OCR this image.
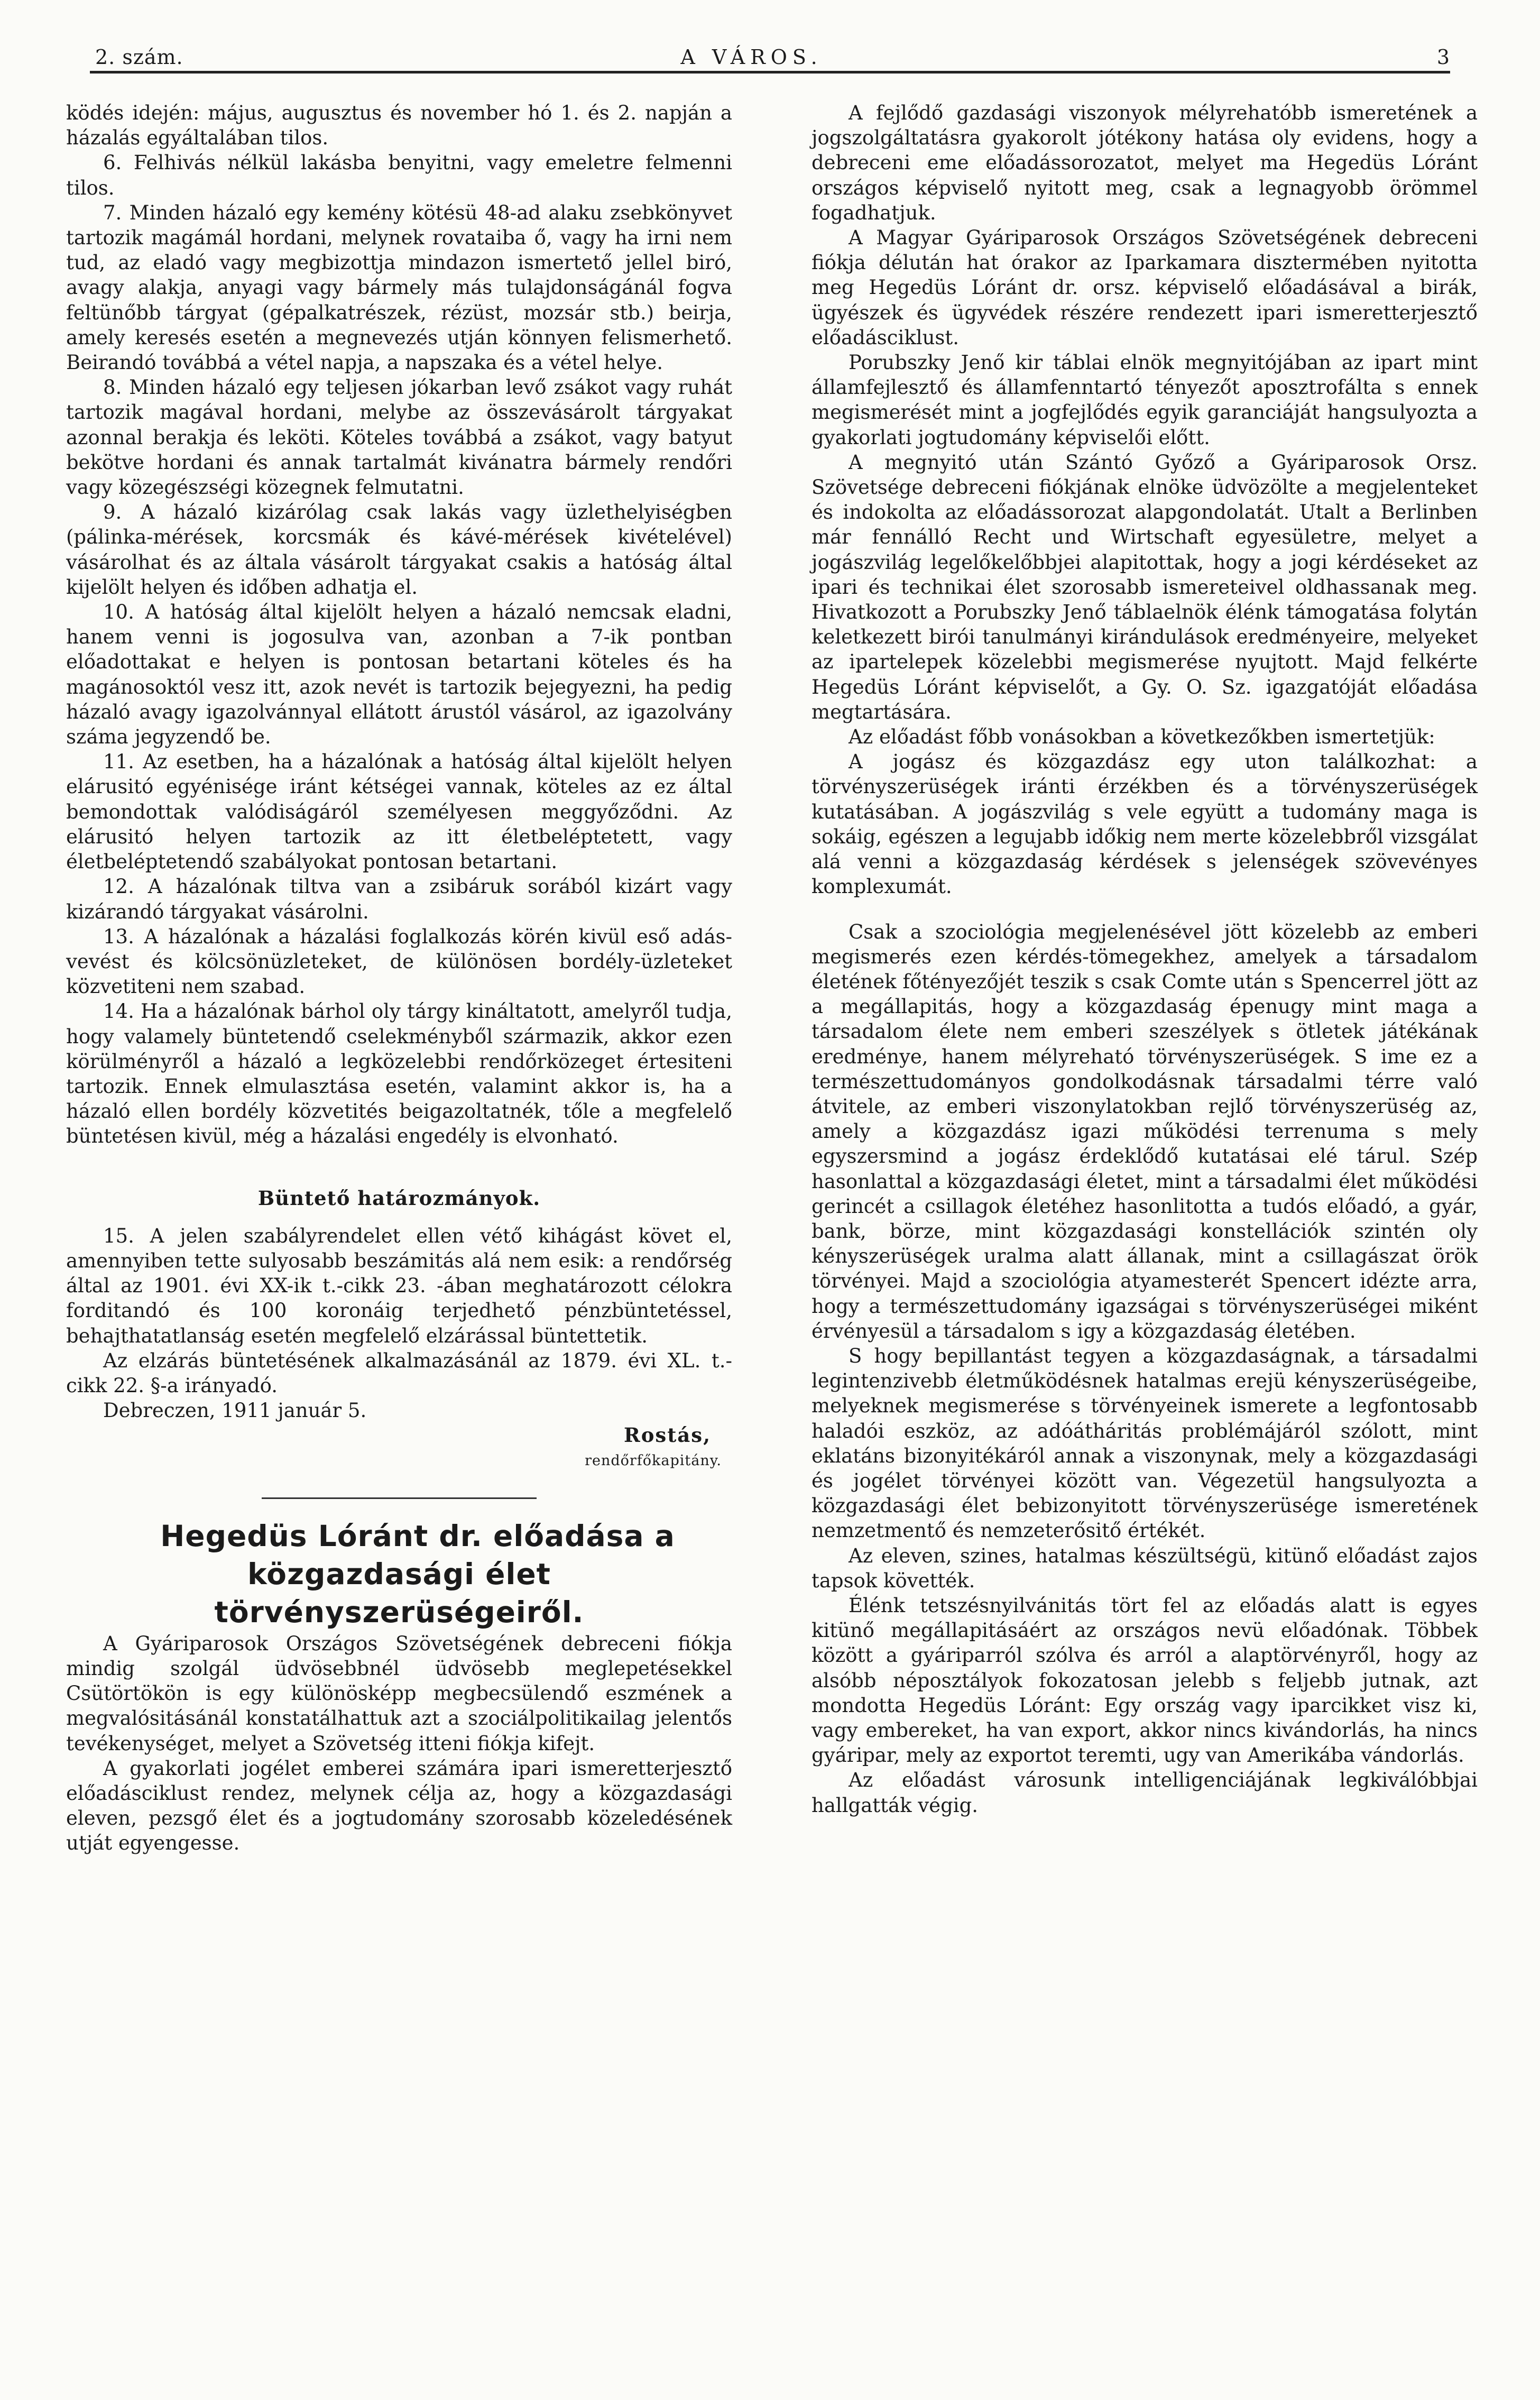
2. szám.	A VÁROS.	3

ködés idején: május, augusztus és november hó 1. és 2. napján a házalás egyáltalában tilos.

6. Felhivás nélkül lakásba benyitni, vagy emeletre felmenni tilos.

7. Minden házaló egy kemény kötésü 48-ad alaku zsebkönyvet tartozik magámál hordani, melynek rovataiba ő, vagy ha irni nem tud, az eladó vagy megbizottja mindazon ismertető jellel biró, avagy alakja, anyagi vagy bármely más tulajdonságánál fogva feltünőbb tárgyat (gépalkatrészek, rézüst, mozsár stb.) beirja, amely keresés esetén a megnevezés utján könnyen felismerhető. Beirandó továbbá a vétel napja, a napszaka és a vétel helye.

8. Minden házaló egy teljesen jókarban levő zsákot vagy ruhát tartozik magával hordani, melybe az összevásárolt tárgyakat azonnal berakja és leköti. Köteles továbbá a zsákot, vagy batyut bekötve hordani és annak tartalmát kivánatra bármely rendőri vagy közegészségi közegnek felmutatni.

9. A házaló kizárólag csak lakás vagy üzlethelyiségben (pálinka-mérések, korcsmák és kávé-mérések kivételével) vásárolhat és az általa vásárolt tárgyakat csakis a hatóság által kijelölt helyen és időben adhatja el.

10. A hatóság által kijelölt helyen a házaló nemcsak eladni, hanem venni is jogosulva van, azonban a 7-ik pontban előadottakat e helyen is pontosan betartani köteles és ha magánosoktól vesz itt, azok nevét is tartozik bejegyezni, ha pedig házaló avagy igazolvánnyal ellátott árustól vásárol, az igazolvány száma jegyzendő be.

11. Az esetben, ha a házalónak a hatóság által kijelölt helyen elárusitó egyénisége iránt kétségei vannak, köteles az ez által bemondottak valódiságáról személyesen meggyőződni. Az elárusitó helyen tartozik az itt életbeléptetett, vagy életbeléptetendő szabályokat pontosan betartani.

12. A házalónak tiltva van a zsibáruk sorából kizárt vagy kizárandó tárgyakat vásárolni.

13. A házalónak a házalási foglalkozás körén kivül eső adás-vevést és kölcsönüzleteket, de különösen bordély-üzleteket közvetiteni nem szabad.

14. Ha a házalónak bárhol oly tárgy kináltatott, amelyről tudja, hogy valamely büntetendő cselekményből származik, akkor ezen körülményről a házaló a legközelebbi rendőrközeget értesiteni tartozik. Ennek elmulasztása esetén, valamint akkor is, ha a házaló ellen bordély közvetités beigazoltatnék, tőle a megfelelő büntetésen kivül, még a házalási engedély is elvonható.

Büntető határozmányok.

15. A jelen szabályrendelet ellen vétő kihágást követ el, amennyiben tette sulyosabb beszámitás alá nem esik: a rendőrség által az 1901. évi XX-ik t.-cikk 23. -ában meghatározott célokra forditandó és 100 koronáig terjedhető pénzbüntetéssel, behajthatatlanság esetén megfelelő elzárással büntettetik.

Az elzárás büntetésének alkalmazásánál az 1879. évi XL. t.-cikk 22. §-a irányadó.

Debreczen, 1911 január 5.

Rostás,

rendőrfőkapitány.

Hegedüs Lóránt dr. előadása a közgazdasági élet törvényszerüségeiről.

A Gyáriparosok Országos Szövetségének debreceni fiókja mindig szolgál üdvösebbnél üdvösebb meglepetésekkel Csütörtökön is egy különösképp megbecsülendő eszmének a megvalósitásánál konstatálhattuk azt a szociálpolitikailag jelentős tevékenységet, melyet a Szövetség itteni fiókja kifejt.

A gyakorlati jogélet emberei számára ipari ismeretterjesztő előadásciklust rendez, melynek célja az, hogy a közgazdasági eleven, pezsgő élet és a jogtudomány szorosabb közeledésének utját egyengesse.

A fejlődő gazdasági viszonyok mélyrehatóbb ismeretének a jogszolgáltatásra gyakorolt jótékony hatása oly evidens, hogy a debreceni eme előadássorozatot, melyet ma Hegedüs Lóránt országos képviselő nyitott meg, csak a legnagyobb örömmel fogadhatjuk.

A Magyar Gyáriparosok Országos Szövetségének debreceni fiókja délután hat órakor az Iparkamara disztermében nyitotta meg Hegedüs Lóránt dr. orsz. képviselő előadásával a birák, ügyészek és ügyvédek részére rendezett ipari ismeretterjesztő előadásciklust.

Porubszky Jenő kir táblai elnök megnyitójában az ipart mint államfejlesztő és államfenntartó tényezőt aposztrofálta s ennek megismerését mint a jogfejlődés egyik garanciáját hangsulyozta a gyakorlati jogtudomány képviselői előtt.

A megnyitó után Szántó Győző a Gyáriparosok Orsz. Szövetsége debreceni fiókjának elnöke üdvözölte a megjelenteket és indokolta az előadássorozat alapgondolatát. Utalt a Berlinben már fennálló Recht und Wirtschaft egyesületre, melyet a jogászvilág legelőkelőbbjei alapitottak, hogy a jogi kérdéseket az ipari és technikai élet szorosabb ismereteivel oldhassanak meg. Hivatkozott a Porubszky Jenő táblaelnök élénk támogatása folytán keletkezett birói tanulmányi kirándulások eredményeire, melyeket az ipartelepek közelebbi megismerése nyujtott. Majd felkérte Hegedüs Lóránt képviselőt, a Gy. O. Sz. igazgatóját előadása megtartására.

Az előadást főbb vonásokban a következőkben ismertetjük:

A jogász és közgazdász egy uton találkozhat: a törvényszerüségek iránti érzékben és a törvényszerüségek kutatásában. A jogászvilág s vele együtt a tudomány maga is sokáig, egészen a legujabb időkig nem merte közelebbről vizsgálat alá venni a közgazdaság kérdések s jelenségek szövevényes komplexumát.

Csak a szociológia megjelenésével jött közelebb az emberi megismerés ezen kérdés-tömegekhez, amelyek a társadalom életének főtényezőjét teszik s csak Comte után s Spencerrel jött az a megállapitás, hogy a közgazdaság épenugy mint maga a társadalom élete nem emberi szeszélyek s ötletek játékának eredménye, hanem mélyreható törvényszerüségek. S ime ez a természettudományos gondolkodásnak társadalmi térre való átvitele, az emberi viszonylatokban rejlő törvényszerüség az, amely a közgazdász igazi működési terrenuma s mely egyszersmind a jogász érdeklődő kutatásai elé tárul. Szép hasonlattal a közgazdasági életet, mint a társadalmi élet működési gerincét a csillagok életéhez hasonlitotta a tudós előadó, a gyár, bank, börze, mint közgazdasági konstellációk szintén oly kényszerüségek uralma alatt állanak, mint a csillagászat örök törvényei. Majd a szociológia atyamesterét Spencert idézte arra, hogy a természettudomány igazságai s törvényszerüségei miként érvényesül a társadalom s igy a közgazdaság életében.

S hogy bepillantást tegyen a közgazdaságnak, a társadalmi legintenzivebb életműködésnek hatalmas erejü kényszerüségeibe, melyeknek megismerése s törvényeinek ismerete a legfontosabb haladói eszköz, az adóátháritás problémájáról szólott, mint eklatáns bizonyitékáról annak a viszonynak, mely a közgazdasági és jogélet törvényei között van. Végezetül hangsulyozta a közgazdasági élet bebizonyitott törvényszerüsége ismeretének nemzetmentő és nemzeterősitő értékét.

Az eleven, szines, hatalmas készültségü, kitünő előadást zajos tapsok követték.

Élénk tetszésnyilvánitás tört fel az előadás alatt is egyes kitünő megállapitásáért az országos nevü előadónak. Többek között a gyáriparról szólva és arról a alaptörvényről, hogy az alsóbb néposztályok fokozatosan jelebb s feljebb jutnak, azt mondotta Hegedüs Lóránt: Egy ország vagy iparcikket visz ki, vagy embereket, ha van export, akkor nincs kivándorlás, ha nincs gyáripar, mely az exportot teremti, ugy van Amerikába vándorlás.

Az előadást városunk intelligenciájának legkiválóbbjai hallgatták végig.
